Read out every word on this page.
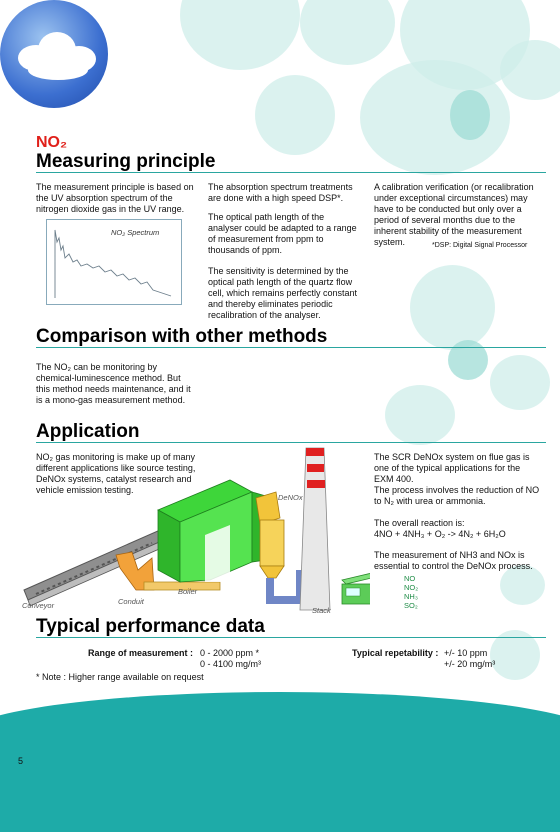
NO₂
Measuring principle
The measurement principle is based on the UV absorption spectrum of the nitrogen dioxide gas in the UV range.
NO₂ Spectrum
The absorption spectrum treatments are done with a high speed DSP*.
The optical path length of the analyser could be adapted to a range of measurement from ppm to thousands of ppm.
The sensitivity is determined by the optical path length of the quartz flow cell, which remains perfectly constant and thereby eliminates periodic recalibration of the analyser.
A calibration verification (or recalibration under exceptional circumstances) may have to be conducted but only over a period of several months due to the inherent stability of the measurement system.	*DSP: Digital Signal Processor
Comparison with other methods
The NO₂ can be monitoring by chemical-luminescence method. But this method needs maintenance, and it is a mono-gas measurement method.
Application
NO₂ gas monitoring is make up of many different applications like source testing, DeNOx systems, catalyst research and vehicle emission testing.
The SCR DeNOx system on flue gas is one of the typical applications for the EXM 400.
The process involves the reduction of NO to N₂ with urea or ammonia.
The overall reaction is:
4NO + 4NH₃ + O₂ -> 4N₂ + 6H₂O
The measurement of NH3 and NOx is essential to control the DeNOx process.
Conveyor	Conduit
Boiler
DeNOx
Stack
NO
NO₂
NH₃
SO₂
Typical performance data
Range of measurement : 0 - 2000 ppm *
0 - 4100 mg/m³
Typical repetability : +/- 10 ppm
+/- 20 mg/m³
* Note : Higher range available on request
5
